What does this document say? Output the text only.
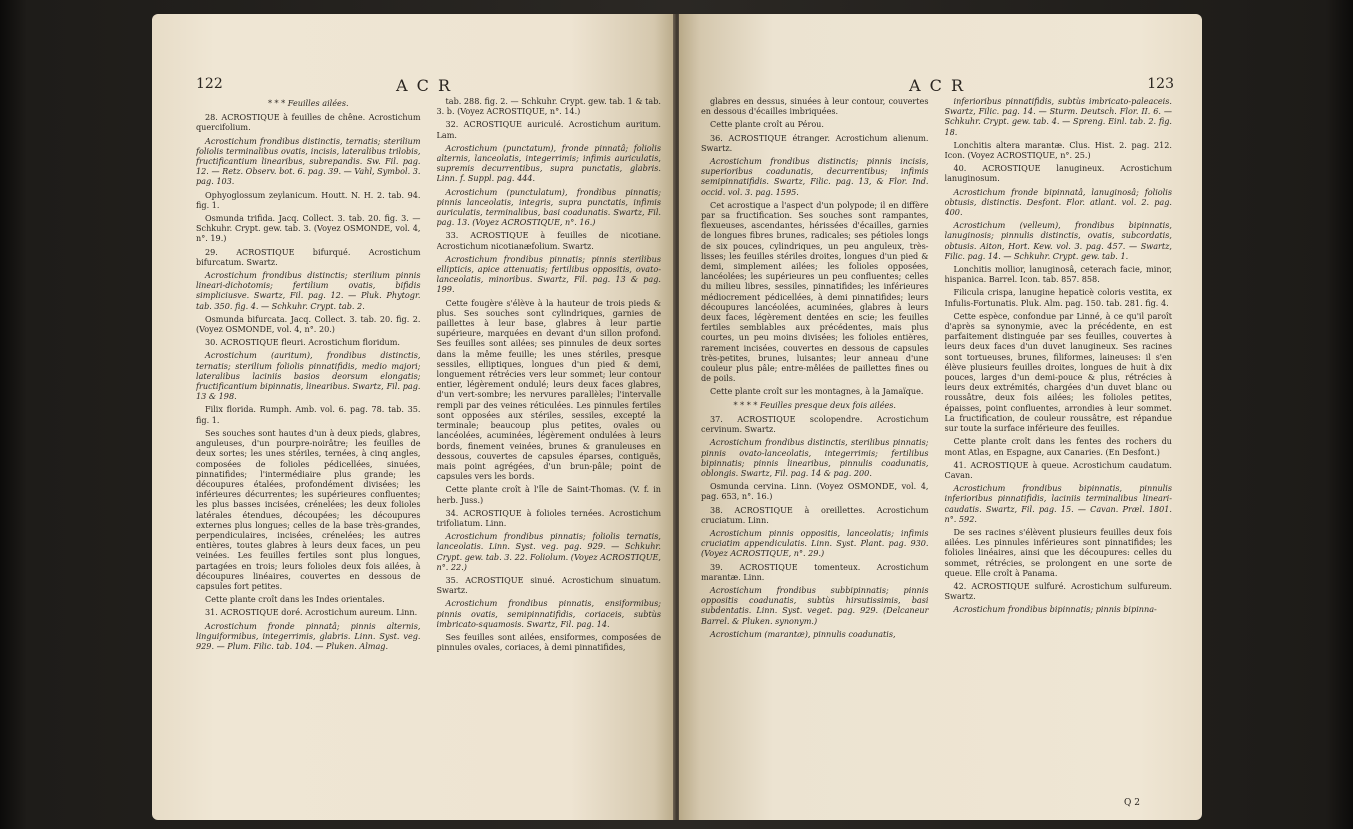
122	A C R

* * * Feuilles ailées.

28. ACROSTIQUE à feuilles de chêne. Acrostichum quercifolium.

Acrostichum frondibus distinctis, ternatis; sterilium foliolis terminalibus ovatis, incisis, lateralibus trilobis, fructificantium linearibus, subrepandis. Sw. Fil. pag. 12. — Retz. Observ. bot. 6. pag. 39. — Vahl, Symbol. 3. pag. 103.

Ophyoglossum zeylanicum. Houtt. N. H. 2. tab. 94. fig. 1.

Osmunda trifida. Jacq. Collect. 3. tab. 20. fig. 3. — Schkuhr. Crypt. gew. tab. 3. (Voyez OSMONDE, vol. 4, n°. 19.)

29. ACROSTIQUE bifurqué. Acrostichum bifurcatum. Swartz.

Acrostichum frondibus distinctis; sterilium pinnis lineari-dichotomis; fertilium ovatis, bifidis simpliciusve. Swartz, Fil. pag. 12. — Pluk. Phytogr. tab. 350. fig. 4. — Schkuhr. Crypt. tab. 2.

Osmunda bifurcata. Jacq. Collect. 3. tab. 20. fig. 2. (Voyez OSMONDE, vol. 4, n°. 20.)

30. ACROSTIQUE fleuri. Acrostichum floridum.

Acrostichum (auritum), frondibus distinctis, ternatis; sterilium foliolis pinnatifidis, medio majori; lateralibus laciniis basios deorsum elongatis; fructificantium bipinnatis, linearibus. Swartz, Fil. pag. 13 & 198.

Filix florida. Rumph. Amb. vol. 6. pag. 78. tab. 35. fig. 1.

Ses souches sont hautes d'un à deux pieds, glabres, anguleuses, d'un pourpre-noirâtre; les feuilles de deux sortes; les unes stériles, ternées, à cinq angles, composées de folioles pédicellées, sinuées, pinnatifides; l'intermédiaire plus grande; les découpures étalées, profondément divisées; les inférieures décurrentes; les supérieures confluentes; les plus basses incisées, crénelées; les deux folioles latérales étendues, découpées; les découpures externes plus longues; celles de la base très-grandes, perpendiculaires, incisées, crénelées; les autres entières, toutes glabres à leurs deux faces, un peu veinées. Les feuilles fertiles sont plus longues, partagées en trois; leurs folioles deux fois ailées, à découpures linéaires, couvertes en dessous de capsules fort petites.

Cette plante croît dans les Indes orientales.

31. ACROSTIQUE doré. Acrostichum aureum. Linn.

Acrostichum fronde pinnatâ; pinnis alternis, linguiformibus, integerrimis, glabris. Linn. Syst. veg. 929. — Plum. Filic. tab. 104. — Pluken. Almag.

tab. 288. fig. 2. — Schkuhr. Crypt. gew. tab. 1 & tab. 3. b. (Voyez ACROSTIQUE, n°. 14.)

32. ACROSTIQUE auriculé. Acrostichum auritum. Lam.

Acrostichum (punctatum), fronde pinnatâ; foliolis alternis, lanceolatis, integerrimis; infimis auriculatis, supremis decurrentibus, supra punctatis, glabris. Linn. f. Suppl. pag. 444.

Acrostichum (punctulatum), frondibus pinnatis; pinnis lanceolatis, integris, supra punctatis, infimis auriculatis, terminalibus, basi coadunatis. Swartz, Fil. pag. 13. (Voyez ACROSTIQUE, n°. 16.)

33. ACROSTIQUE à feuilles de nicotiane. Acrostichum nicotianæfolium. Swartz.

Acrostichum frondibus pinnatis; pinnis sterilibus ellipticis, apice attenuatis; fertilibus oppositis, ovato-lanceolatis, minoribus. Swartz, Fil. pag. 13 & pag. 199.

Cette fougère s'élève à la hauteur de trois pieds & plus. Ses souches sont cylindriques, garnies de paillettes à leur base, glabres à leur partie supérieure, marquées en devant d'un sillon profond. Ses feuilles sont ailées; ses pinnules de deux sortes dans la même feuille; les unes stériles, presque sessiles, elliptiques, longues d'un pied & demi, longuement rétrécies vers leur sommet; leur contour entier, légèrement ondulé; leurs deux faces glabres, d'un vert-sombre; les nervures parallèles; l'intervalle rempli par des veines réticulées. Les pinnules fertiles sont opposées aux stériles, sessiles, excepté la terminale; beaucoup plus petites, ovales ou lancéolées, acuminées, légèrement ondulées à leurs bords, finement veinées, brunes & granuleuses en dessous, couvertes de capsules éparses, contiguës, mais point agrégées, d'un brun-pâle; point de capsules vers les bords.

Cette plante croît à l'île de Saint-Thomas. (V. f. in herb. Juss.)

34. ACROSTIQUE à folioles ternées. Acrostichum trifoliatum. Linn.

Acrostichum frondibus pinnatis; foliolis ternatis, lanceolatis. Linn. Syst. veg. pag. 929. — Schkuhr. Crypt. gew. tab. 3. 22. Foliolum. (Voyez ACROSTIQUE, n°. 22.)

35. ACROSTIQUE sinué. Acrostichum sinuatum. Swartz.

Acrostichum frondibus pinnatis, ensiformibus; pinnis ovatis, semipinnatifidis, coriaceis, subtùs imbricato-squamosis. Swartz, Fil. pag. 14.

Ses feuilles sont ailées, ensiformes, composées de pinnules ovales, coriaces, à demi pinnatifides,

A C R	123

glabres en dessus, sinuées à leur contour, couvertes en dessous d'écailles imbriquées.

Cette plante croît au Pérou.

36. ACROSTIQUE étranger. Acrostichum alienum. Swartz.

Acrostichum frondibus distinctis; pinnis incisis, superioribus coadunatis, decurrentibus; infimis semipinnatifidis. Swartz, Filic. pag. 13, & Flor. Ind. occid. vol. 3. pag. 1595.

Cet acrostique a l'aspect d'un polypode; il en diffère par sa fructification. Ses souches sont rampantes, flexueuses, ascendantes, hérissées d'écailles, garnies de longues fibres brunes, radicales; ses pétioles longs de six pouces, cylindriques, un peu anguleux, très-lisses; les feuilles stériles droites, longues d'un pied & demi, simplement ailées; les folioles opposées, lancéolées; les supérieures un peu confluentes; celles du milieu libres, sessiles, pinnatifides; les inférieures médiocrement pédicellées, à demi pinnatifides; leurs découpures lancéolées, acuminées, glabres à leurs deux faces, légèrement dentées en scie; les feuilles fertiles semblables aux précédentes, mais plus courtes, un peu moins divisées; les folioles entières, rarement incisées, couvertes en dessous de capsules très-petites, brunes, luisantes; leur anneau d'une couleur plus pâle; entre-mêlées de paillettes fines ou de poils.

Cette plante croît sur les montagnes, à la Jamaïque.

* * * * Feuilles presque deux fois ailées.

37. ACROSTIQUE scolopendre. Acrostichum cervinum. Swartz.

Acrostichum frondibus distinctis, sterilibus pinnatis; pinnis ovato-lanceolatis, integerrimis; fertilibus bipinnatis; pinnis linearibus, pinnulis coadunatis, oblongis. Swartz, Fil. pag. 14 & pag. 200.

Osmunda cervina. Linn. (Voyez OSMONDE, vol. 4, pag. 653, n°. 16.)

38. ACROSTIQUE à oreillettes. Acrostichum cruciatum. Linn.

Acrostichum pinnis oppositis, lanceolatis; infimis cruciatim appendiculatis. Linn. Syst. Plant. pag. 930. (Voyez ACROSTIQUE, n°. 29.)

39. ACROSTIQUE tomenteux. Acrostichum marantæ. Linn.

Acrostichum frondibus subbipinnatis; pinnis oppositis coadunatis, subtùs hirsutissimis, basi subdentatis. Linn. Syst. veget. pag. 929. (Delcaneur Barrel. & Pluken. synonym.)

Acrostichum (marantæ), pinnulis coadunatis,

inferioribus pinnatifidis, subtùs imbricato-paleaceis. Swartz, Filic. pag. 14. — Sturm. Deutsch. Flor. II. 6. — Schkuhr. Crypt. gew. tab. 4. — Spreng. Einl. tab. 2. fig. 18.

Lonchitis altera marantæ. Clus. Hist. 2. pag. 212. Icon. (Voyez ACROSTIQUE, n°. 25.)

40. ACROSTIQUE lanugineux. Acrostichum lanuginosum.

Acrostichum fronde bipinnatâ, lanuginosâ; foliolis obtusis, distinctis. Desfont. Flor. atlant. vol. 2. pag. 400.

Acrostichum (velleum), frondibus bipinnatis, lanuginosis; pinnulis distinctis, ovatis, subcordatis, obtusis. Aiton, Hort. Kew. vol. 3. pag. 457. — Swartz, Filic. pag. 14. — Schkuhr. Crypt. gew. tab. 1.

Lonchitis mollior, lanuginosâ, ceterach facie, minor, hispanica. Barrel. Icon. tab. 857. 858.

Filicula crispa, lanugine hepaticè coloris vestita, ex Infulis-Fortunatis. Pluk. Alm. pag. 150. tab. 281. fig. 4.

Cette espèce, confondue par Linné, à ce qu'il paroît d'après sa synonymie, avec la précédente, en est parfaitement distinguée par ses feuilles, couvertes à leurs deux faces d'un duvet lanugineux. Ses racines sont tortueuses, brunes, filiformes, laineuses: il s'en élève plusieurs feuilles droites, longues de huit à dix pouces, larges d'un demi-pouce & plus, rétrécies à leurs deux extrémités, chargées d'un duvet blanc ou roussâtre, deux fois ailées; les folioles petites, épaisses, point confluentes, arrondies à leur sommet. La fructification, de couleur roussâtre, est répandue sur toute la surface inférieure des feuilles.

Cette plante croît dans les fentes des rochers du mont Atlas, en Espagne, aux Canaries. (En Desfont.)

41. ACROSTIQUE à queue. Acrostichum caudatum. Cavan.

Acrostichum frondibus bipinnatis, pinnulis inferioribus pinnatifidis, laciniis terminalibus lineari-caudatis. Swartz, Fil. pag. 15. — Cavan. Præl. 1801. n°. 592.

De ses racines s'élèvent plusieurs feuilles deux fois ailées. Les pinnules inférieures sont pinnatifides; les folioles linéaires, ainsi que les découpures: celles du sommet, rétrécies, se prolongent en une sorte de queue. Elle croît à Panama.

42. ACROSTIQUE sulfuré. Acrostichum sulfureum. Swartz.

Acrostichum frondibus bipinnatis; pinnis bipinna-

Q 2
